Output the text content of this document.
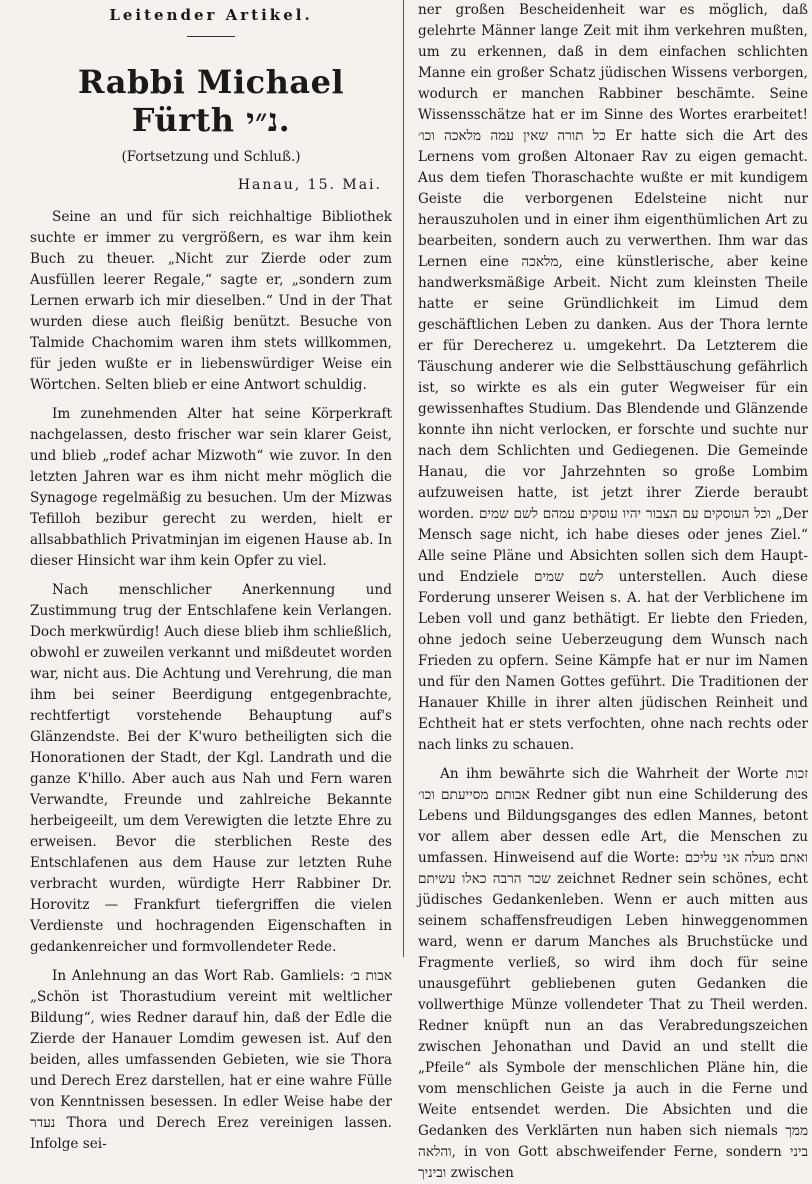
Leitender Artikel.
Rabbi Michael Fürth נ״י.
(Fortsetzung und Schluß.)
Hanau, 15. Mai.

Seine an und für sich reichhaltige Bibliothek suchte er immer zu vergrößern, es war ihm kein Buch zu theuer. „Nicht zur Zierde oder zum Ausfüllen leerer Regale,“ sagte er, „sondern zum Lernen erwarb ich mir dieselben.“ Und in der That wurden diese auch fleißig benützt. Besuche von Talmide Chachomim waren ihm stets willkommen, für jeden wußte er in liebenswürdiger Weise ein Wörtchen. Selten blieb er eine Antwort schuldig.

Im zunehmenden Alter hat seine Körperkraft nachgelassen, desto frischer war sein klarer Geist, und blieb „rodef achar Mizwoth“ wie zuvor. In den letzten Jahren war es ihm nicht mehr möglich die Synagoge regelmäßig zu besuchen. Um der Mizwas Tefilloh bezibur gerecht zu werden, hielt er allsabbathlich Privatminjan im eigenen Hause ab. In dieser Hinsicht war ihm kein Opfer zu viel.

Nach menschlicher Anerkennung und Zustimmung trug der Entschlafene kein Verlangen. Doch merkwürdig! Auch diese blieb ihm schließlich, obwohl er zuweilen verkannt und mißdeutet worden war, nicht aus. Die Achtung und Verehrung, die man ihm bei seiner Beerdigung entgegenbrachte, rechtfertigt vorstehende Behauptung auf's Glänzendste. Bei der K'wuro betheiligten sich die Honorationen der Stadt, der Kgl. Landrath und die ganze K'hillo. Aber auch aus Nah und Fern waren Verwandte, Freunde und zahlreiche Bekannte herbeigeeilt, um dem Verewigten die letzte Ehre zu erweisen. Bevor die sterblichen Reste des Entschlafenen aus dem Hause zur letzten Ruhe verbracht wurden, würdigte Herr Rabbiner Dr. Horovitz — Frankfurt tiefergriffen die vielen Verdienste und hochragenden Eigenschaften in gedankenreicher und formvollendeter Rede.

In Anlehnung an das Wort Rab. Gamliels: אבות ב׳ „Schön ist Thorastudium vereint mit weltlicher Bildung“, wies Redner darauf hin, daß der Edle die Zierde der Hanauer Lomdim gewesen ist. Auf den beiden, alles umfassenden Gebieten, wie sie Thora und Derech Erez darstellen, hat er eine wahre Fülle von Kenntnissen besessen. In edler Weise habe der נעדר Thora und Derech Erez vereinigen lassen. Infolge sei-

ner großen Bescheidenheit war es möglich, daß gelehrte Männer lange Zeit mit ihm verkehren mußten, um zu erkennen, daß in dem einfachen schlichten Manne ein großer Schatz jüdischen Wissens verborgen, wodurch er manchen Rabbiner beschämte. Seine Wissensschätze hat er im Sinne des Wortes erarbeitet! כל תורה שאין עמה מלאכה וכו׳ Er hatte sich die Art des Lernens vom großen Altonaer Rav zu eigen gemacht. Aus dem tiefen Thoraschachte wußte er mit kundigem Geiste die verborgenen Edelsteine nicht nur herauszuholen und in einer ihm eigenthümlichen Art zu bearbeiten, sondern auch zu verwerthen. Ihm war das Lernen eine מלאכה, eine künstlerische, aber keine handwerksmäßige Arbeit. Nicht zum kleinsten Theile hatte er seine Gründlichkeit im Limud dem geschäftlichen Leben zu danken. Aus der Thora lernte er für Derecherez u. umgekehrt. Da Letzterem die Täuschung anderer wie die Selbsttäuschung gefährlich ist, so wirkte es als ein guter Wegweiser für ein gewissenhaftes Studium. Das Blendende und Glänzende konnte ihn nicht verlocken, er forschte und suchte nur nach dem Schlichten und Gediegenen. Die Gemeinde Hanau, die vor Jahrzehnten so große Lombim aufzuweisen hatte, ist jetzt ihrer Zierde beraubt worden. וכל העוסקים עם הצבור יהיו עוסקים עמהם לשם שמים „Der Mensch sage nicht, ich habe dieses oder jenes Ziel.“ Alle seine Pläne und Absichten sollen sich dem Haupt- und Endziele לשם שמים unterstellen. Auch diese Forderung unserer Weisen s. A. hat der Verblichene im Leben voll und ganz bethätigt. Er liebte den Frieden, ohne jedoch seine Ueberzeugung dem Wunsch nach Frieden zu opfern. Seine Kämpfe hat er nur im Namen und für den Namen Gottes geführt. Die Traditionen der Hanauer Khille in ihrer alten jüdischen Reinheit und Echtheit hat er stets verfochten, ohne nach rechts oder nach links zu schauen.

An ihm bewährte sich die Wahrheit der Worte זכות אבותם מסייעתם וכו׳ Redner gibt nun eine Schilderung des Lebens und Bildungsganges des edlen Mannes, betont vor allem aber dessen edle Art, die Menschen zu umfassen. Hinweisend auf die Worte: ואתם מעלה אני עליכם שכר הרבה כאלו עשיתם zeichnet Redner sein schönes, echt jüdisches Gedankenleben. Wenn er auch mitten aus seinem schaffensfreudigen Leben hinweggenommen ward, wenn er darum Manches als Bruchstücke und Fragmente verließ, so wird ihm doch für seine unausgeführt gebliebenen guten Gedanken die vollwerthige Münze vollendeter That zu Theil werden. Redner knüpft nun an das Verabredungszeichen zwischen Jehonathan und David an und stellt die „Pfeile“ als Symbole der menschlichen Pläne hin, die vom menschlichen Geiste ja auch in die Ferne und Weite entsendet werden. Die Absichten und die Gedanken des Verklärten nun haben sich niemals ממך והלאה, in von Gott abschweifender Ferne, sondern ביני וביניך zwischen
